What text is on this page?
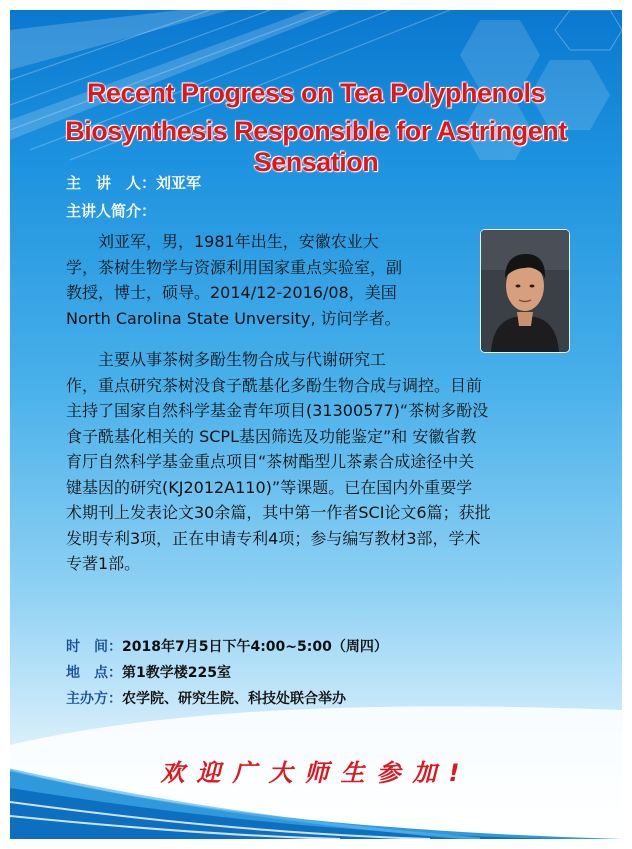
Recent Progress on Tea Polyphenols
Biosynthesis Responsible for Astringent Sensation
主　讲　人：刘亚军
主讲人简介：
　　刘亚军，男，1981年出生，安徽农业大
学，茶树生物学与资源利用国家重点实验室，副
教授，博士，硕导。2014/12-2016/08，美国
North Carolina State Unversity, 访问学者。
　　主要从事茶树多酚生物合成与代谢研究工
作，重点研究茶树没食子酰基化多酚生物合成与调控。目前
主持了国家自然科学基金青年项目(31300577)“茶树多酚没
食子酰基化相关的 SCPL基因筛选及功能鉴定”和 安徽省教
育厅自然科学基金重点项目“茶树酯型儿茶素合成途径中关
键基因的研究(KJ2012A110)”等课题。已在国内外重要学
术期刊上发表论文30余篇，其中第一作者SCI论文6篇；获批
发明专利3项，正在申请专利4项；参与编写教材3部，学术
专著1部。
时　间：2018年7月5日下午4:00~5:00（周四）
地　点：第1教学楼225室
主办方：农学院、研究生院、科技处联合举办
欢迎广大师生参加!
